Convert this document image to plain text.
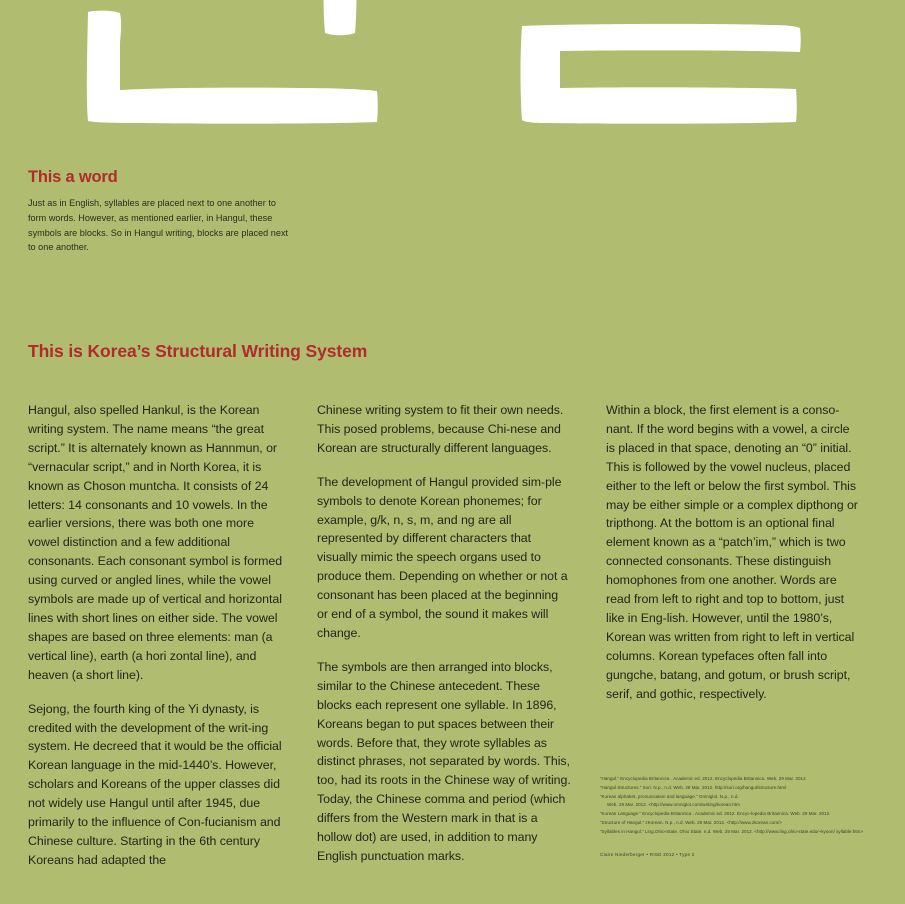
This a word

Just as in English, syllables are placed next to one another to form words. However, as mentioned earlier, in Hangul, these symbols are blocks. So in Hangul writing, blocks are placed next to one another.

This is Korea’s Structural Writing System

Hangul, also spelled Hankul, is the Korean writing system. The name means “the great script.” It is alternately known as Hannmun, or “vernacular script,” and in North Korea, it is known as Choson muntcha. It consists of 24 letters: 14 consonants and 10 vowels. In the earlier versions, there was both one more vowel distinction and a few additional consonants. Each consonant symbol is formed using curved or angled lines, while the vowel symbols are made up of vertical and horizontal lines with short lines on either side. The vowel shapes are based on three elements: man (a vertical line), earth (a hori zontal line), and heaven (a short line).

Sejong, the fourth king of the Yi dynasty, is credited with the development of the writ-ing system. He decreed that it would be the official Korean language in the mid-1440’s. However, scholars and Koreans of the upper classes did not widely use Hangul until after 1945, due primarily to the influence of Con-fucianism and Chinese culture. Starting in the 6th century Koreans had adapted the

Chinese writing system to fit their own needs. This posed problems, because Chi-nese and Korean are structurally different languages.

The development of Hangul provided sim-ple symbols to denote Korean phonemes; for example, g/k, n, s, m, and ng are all represented by different characters that visually mimic the speech organs used to produce them. Depending on whether or not a consonant has been placed at the beginning or end of a symbol, the sound it makes will change.

The symbols are then arranged into blocks, similar to the Chinese antecedent. These blocks each represent one syllable. In 1896, Koreans began to put spaces between their words. Before that, they wrote syllables as distinct phrases, not separated by words. This, too, had its roots in the Chinese way of writing. Today, the Chinese comma and period (which differs from the Western mark in that is a hollow dot) are used, in addition to many English punctuation marks.

Within a block, the first element is a conso-nant. If the word begins with a vowel, a circle is placed in that space, denoting an “0” initial. This is followed by the vowel nucleus, placed either to the left or below the first symbol. This may be either simple or a complex dipthong or tripthong. At the bottom is an optional final element known as a “patch’im,” which is two connected consonants. These distinguish homophones from one another. Words are read from left to right and top to bottom, just like in Eng-lish. However, until the 1980’s, Korean was written from right to left in vertical columns. Korean typefaces often fall into gungche, batang, and gotum, or brush script, serif, and gothic, respectively.

“Hangul.” Encyclopedia Britannica . Academic ed. 2012. Encyclopedia Britannica. Web. 29 Mar. 2012.

“Hangul Structures.” Sori. N.p., n.d. Web. 29 Mar. 2012. http://sori.org/hangul/structure.html

“Korean alphabet, pronunciation and language.” Omniglot. N.p., n.d.

Web. 29 Mar. 2012. <http://www.omniglot.com/writing/korean.htm

“Korean Language.” Encyclopedia Britannica . Academic ed. 2012. Encyc-lopedia Britannica. Web. 29 Mar. 2012.

“Structure of Hangul.” zKorean. N.p., n.d. Web. 29 Mar. 2012. <http://www.zkorean.com/>

“Syllables in Hangul.” Ling.Ohio-State. Ohio State. n.d. Web. 29 Mar. 2012. <http://www.ling.ohio-state.edu/~kyoon/ syllable.htm>

Claire Niederberger • RISD 2012 • Type 2
